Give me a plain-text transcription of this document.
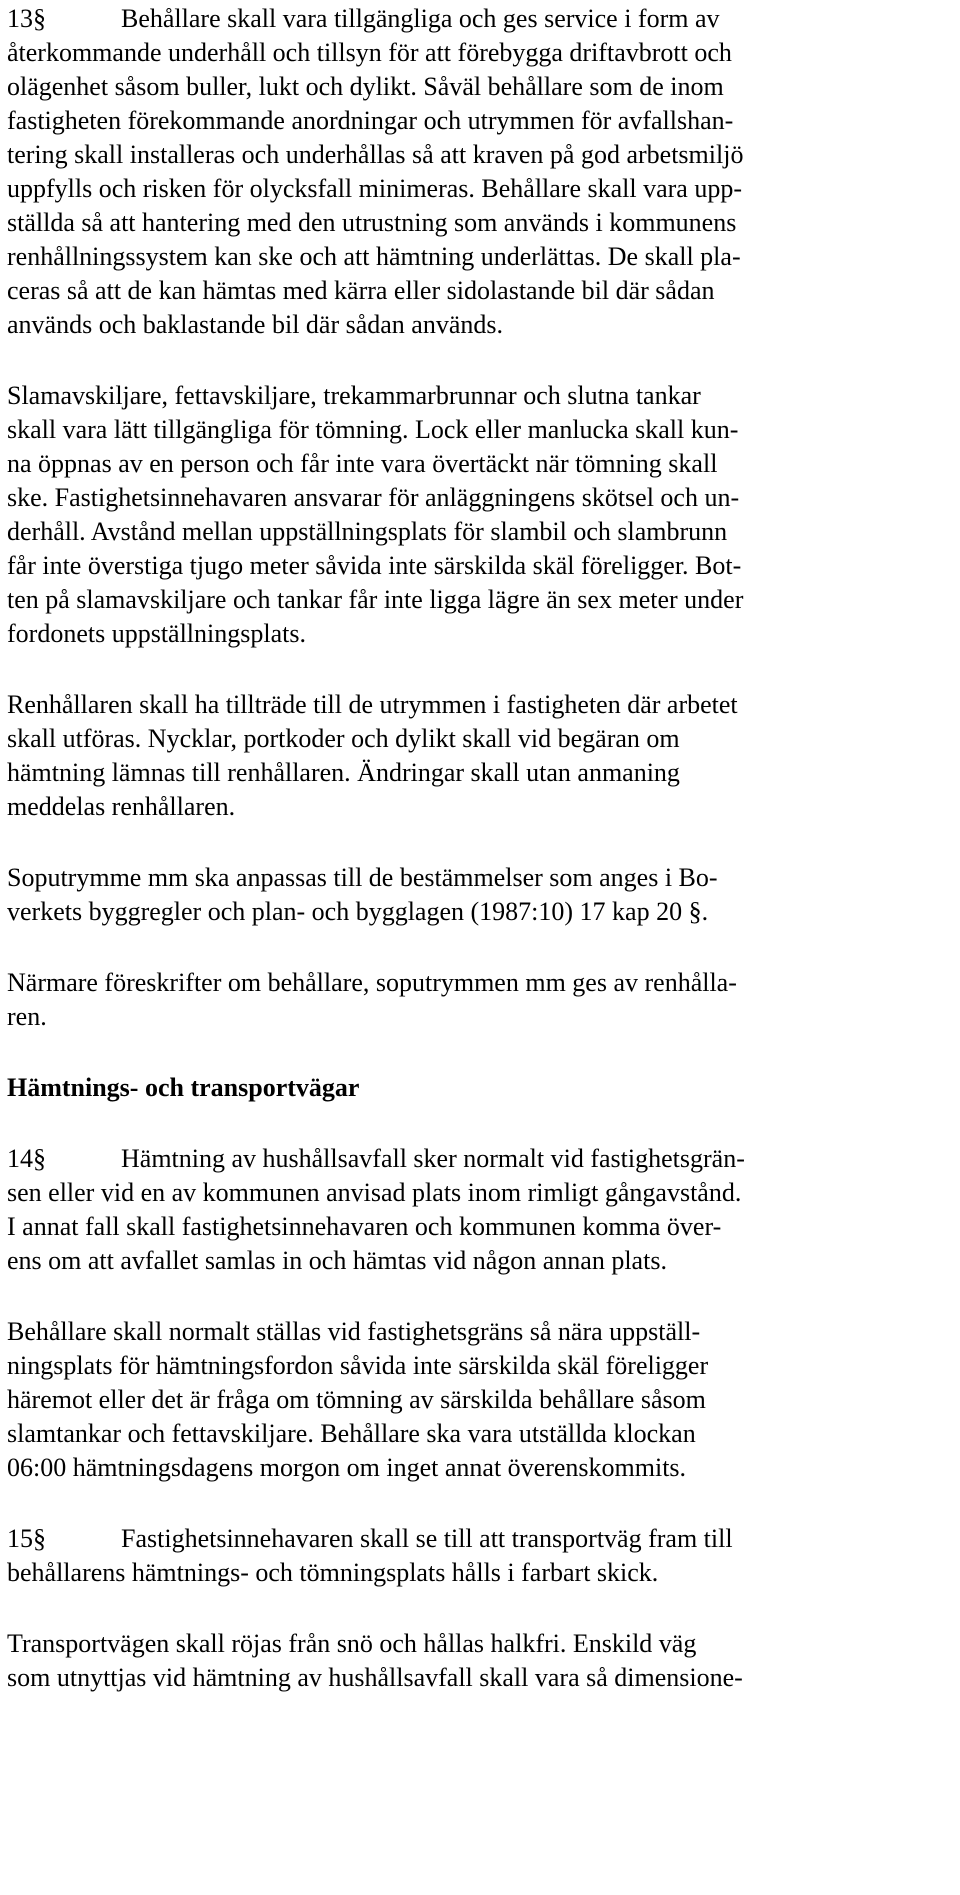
13§

	Behållare skall vara tillgängliga och ges service i form av

återkommande underhåll och tillsyn för att förebygga driftavbrott och
olägenhet såsom buller, lukt och dylikt. Såväl behållare som de inom
fastigheten förekommande anordningar och utrymmen för avfallshan-
tering skall installeras och underhållas så att kraven på god arbetsmiljö
uppfylls och risken för olycksfall minimeras. Behållare skall vara upp-
ställda så att hantering med den utrustning som används i kommunens
renhållningssystem kan ske och att hämtning underlättas. De skall pla-
ceras så att de kan hämtas med kärra eller sidolastande bil där sådan
används och baklastande bil där sådan används.
Slamavskiljare, fettavskiljare, trekammarbrunnar och slutna tankar
skall vara lätt tillgängliga för tömning. Lock eller manlucka skall kun-
na öppnas av en person och får inte vara övertäckt när tömning skall
ske. Fastighetsinnehavaren ansvarar för anläggningens skötsel och un-
derhåll. Avstånd mellan uppställningsplats för slambil och slambrunn
får inte överstiga tjugo meter såvida inte särskilda skäl föreligger. Bot-
ten på slamavskiljare och tankar får inte ligga lägre än sex meter under
fordonets uppställningsplats.
Renhållaren skall ha tillträde till de utrymmen i fastigheten där arbetet
skall utföras. Nycklar, portkoder och dylikt skall vid begäran om
hämtning lämnas till renhållaren. Ändringar skall utan anmaning
meddelas renhållaren.
Soputrymme mm ska anpassas till de bestämmelser som anges i Bo-
verkets byggregler och plan- och bygglagen (1987:10) 17 kap 20 §.
Närmare föreskrifter om behållare, soputrymmen mm ges av renhålla-
ren.
Hämtnings- och transportvägar

14§

	Hämtning av hushållsavfall sker normalt vid fastighetsgrän-

sen eller vid en av kommunen anvisad plats inom rimligt gångavstånd.
I annat fall skall fastighetsinnehavaren och kommunen komma över-
ens om att avfallet samlas in och hämtas vid någon annan plats.
Behållare skall normalt ställas vid fastighetsgräns så nära uppställ-
ningsplats för hämtningsfordon såvida inte särskilda skäl föreligger
häremot eller det är fråga om tömning av särskilda behållare såsom
slamtankar och fettavskiljare. Behållare ska vara utställda klockan
06:00 hämtningsdagens morgon om inget annat överenskommits.

15§

	Fastighetsinnehavaren skall se till att transportväg fram till

behållarens hämtnings- och tömningsplats hålls i farbart skick.
Transportvägen skall röjas från snö och hållas halkfri. Enskild väg
som utnyttjas vid hämtning av hushållsavfall skall vara så dimensione-
